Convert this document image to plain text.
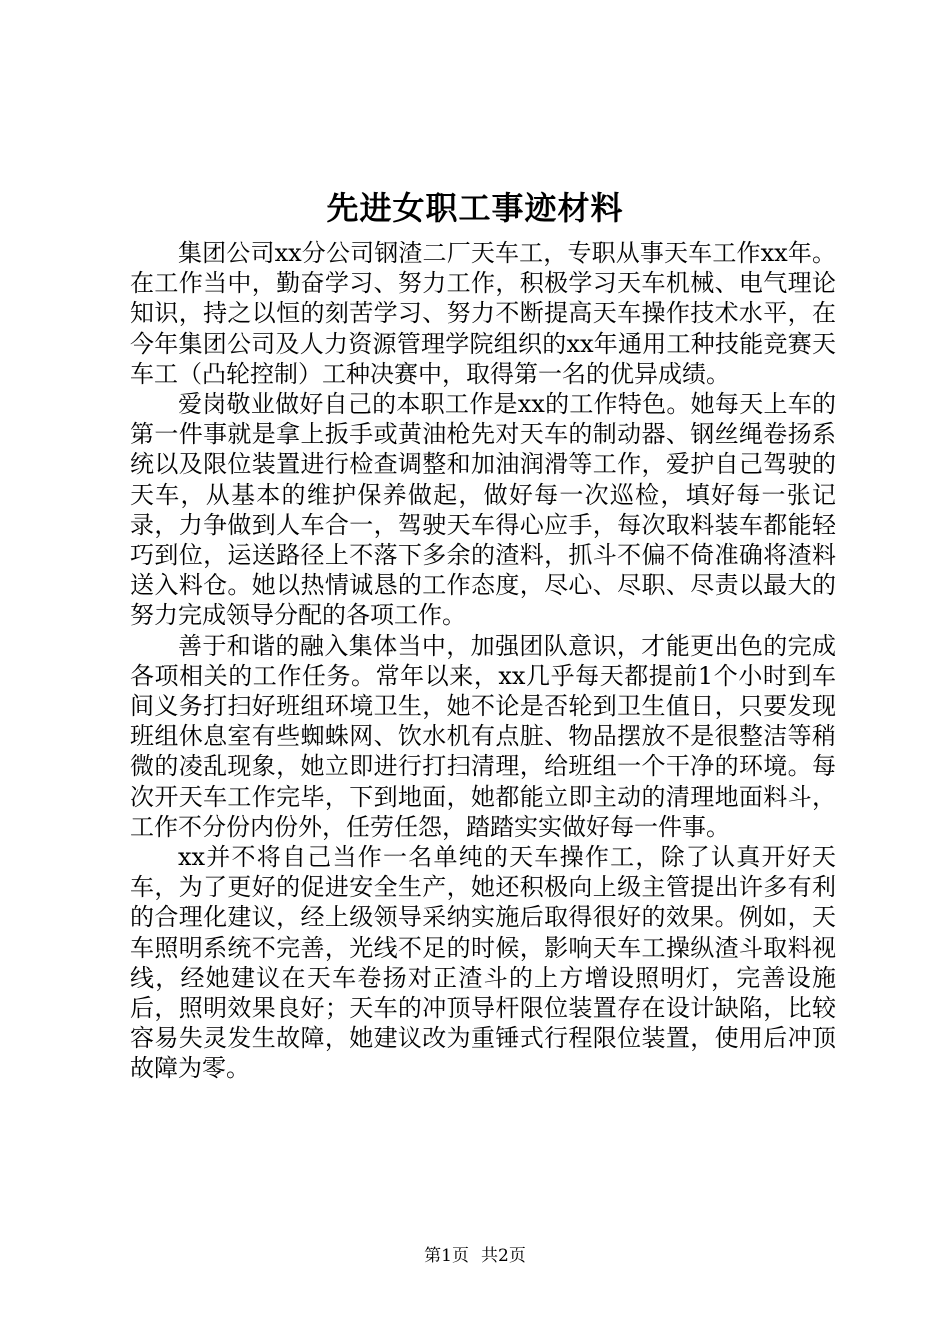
先进女职工事迹材料

集团公司xx分公司钢渣二厂天车工，专职从事天车工作xx年。在工作当中，勤奋学习、努力工作，积极学习天车机械、电气理论知识，持之以恒的刻苦学习、努力不断提高天车操作技术水平，在今年集团公司及人力资源管理学院组织的xx年通用工种技能竞赛天车工（凸轮控制）工种决赛中，取得第一名的优异成绩。

爱岗敬业做好自己的本职工作是xx的工作特色。她每天上车的第一件事就是拿上扳手或黄油枪先对天车的制动器、钢丝绳卷扬系统以及限位装置进行检查调整和加油润滑等工作，爱护自己驾驶的天车，从基本的维护保养做起，做好每一次巡检，填好每一张记录，力争做到人车合一，驾驶天车得心应手，每次取料装车都能轻巧到位，运送路径上不落下多余的渣料，抓斗不偏不倚准确将渣料送入料仓。她以热情诚恳的工作态度，尽心、尽职、尽责以最大的努力完成领导分配的各项工作。

善于和谐的融入集体当中，加强团队意识，才能更出色的完成各项相关的工作任务。常年以来，xx几乎每天都提前1个小时到车间义务打扫好班组环境卫生，她不论是否轮到卫生值日，只要发现班组休息室有些蜘蛛网、饮水机有点脏、物品摆放不是很整洁等稍微的凌乱现象，她立即进行打扫清理，给班组一个干净的环境。每次开天车工作完毕，下到地面，她都能立即主动的清理地面料斗，工作不分份内份外，任劳任怨，踏踏实实做好每一件事。

xx并不将自己当作一名单纯的天车操作工，除了认真开好天车，为了更好的促进安全生产，她还积极向上级主管提出许多有利的合理化建议，经上级领导采纳实施后取得很好的效果。例如，天车照明系统不完善，光线不足的时候，影响天车工操纵渣斗取料视线，经她建议在天车卷扬对正渣斗的上方增设照明灯，完善设施后，照明效果良好；天车的冲顶导杆限位装置存在设计缺陷，比较容易失灵发生故障，她建议改为重锤式行程限位装置，使用后冲顶故障为零。

第1页 共2页
